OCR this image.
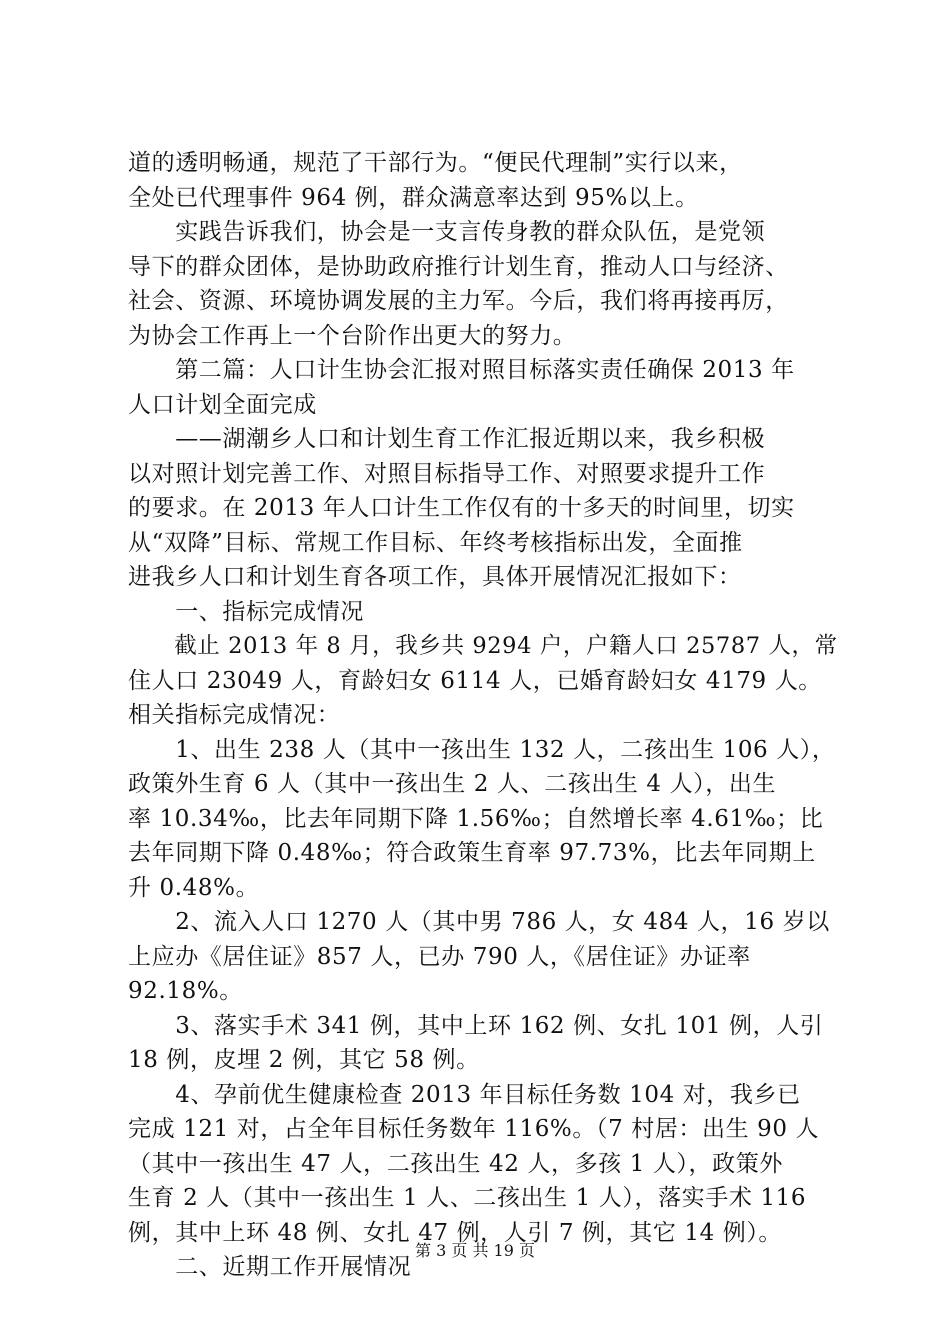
道的透明畅通，规范了干部行为。“便民代理制”实行以来，
全处已代理事件 964 例，群众满意率达到 95%以上。
　　实践告诉我们，协会是一支言传身教的群众队伍，是党领
导下的群众团体，是协助政府推行计划生育，推动人口与经济、
社会、资源、环境协调发展的主力军。今后，我们将再接再厉，
为协会工作再上一个台阶作出更大的努力。
　　第二篇：人口计生协会汇报对照目标落实责任确保 2013 年
人口计划全面完成
　　——湖潮乡人口和计划生育工作汇报近期以来，我乡积极
以对照计划完善工作、对照目标指导工作、对照要求提升工作
的要求。在 2013 年人口计生工作仅有的十多天的时间里，切实
从“双降”目标、常规工作目标、年终考核指标出发，全面推
进我乡人口和计划生育各项工作，具体开展情况汇报如下：
　　一、指标完成情况
　　截止 2013 年 8 月，我乡共 9294 户，户籍人口 25787 人，常
住人口 23049 人，育龄妇女 6114 人，已婚育龄妇女 4179 人。
相关指标完成情况：
　　1、出生 238 人（其中一孩出生 132 人，二孩出生 106 人），
政策外生育 6 人（其中一孩出生 2 人、二孩出生 4 人），出生
率 10.34‰，比去年同期下降 1.56‰；自然增长率 4.61‰；比
去年同期下降 0.48‰；符合政策生育率 97.73%，比去年同期上
升 0.48%。
　　2、流入人口 1270 人（其中男 786 人，女 484 人，16 岁以
上应办《居住证》857 人，已办 790 人，《居住证》办证率
92.18%。
　　3、落实手术 341 例，其中上环 162 例、女扎 101 例，人引
18 例，皮埋 2 例，其它 58 例。
　　4、孕前优生健康检查 2013 年目标任务数 104 对，我乡已
完成 121 对，占全年目标任务数年 116%。（7 村居：出生 90 人
（其中一孩出生 47 人，二孩出生 42 人，多孩 1 人），政策外
生育 2 人（其中一孩出生 1 人、二孩出生 1 人），落实手术 116
例，其中上环 48 例、女扎 47 例，人引 7 例，其它 14 例）。
　　二、近期工作开展情况
第 3 页 共 19 页
